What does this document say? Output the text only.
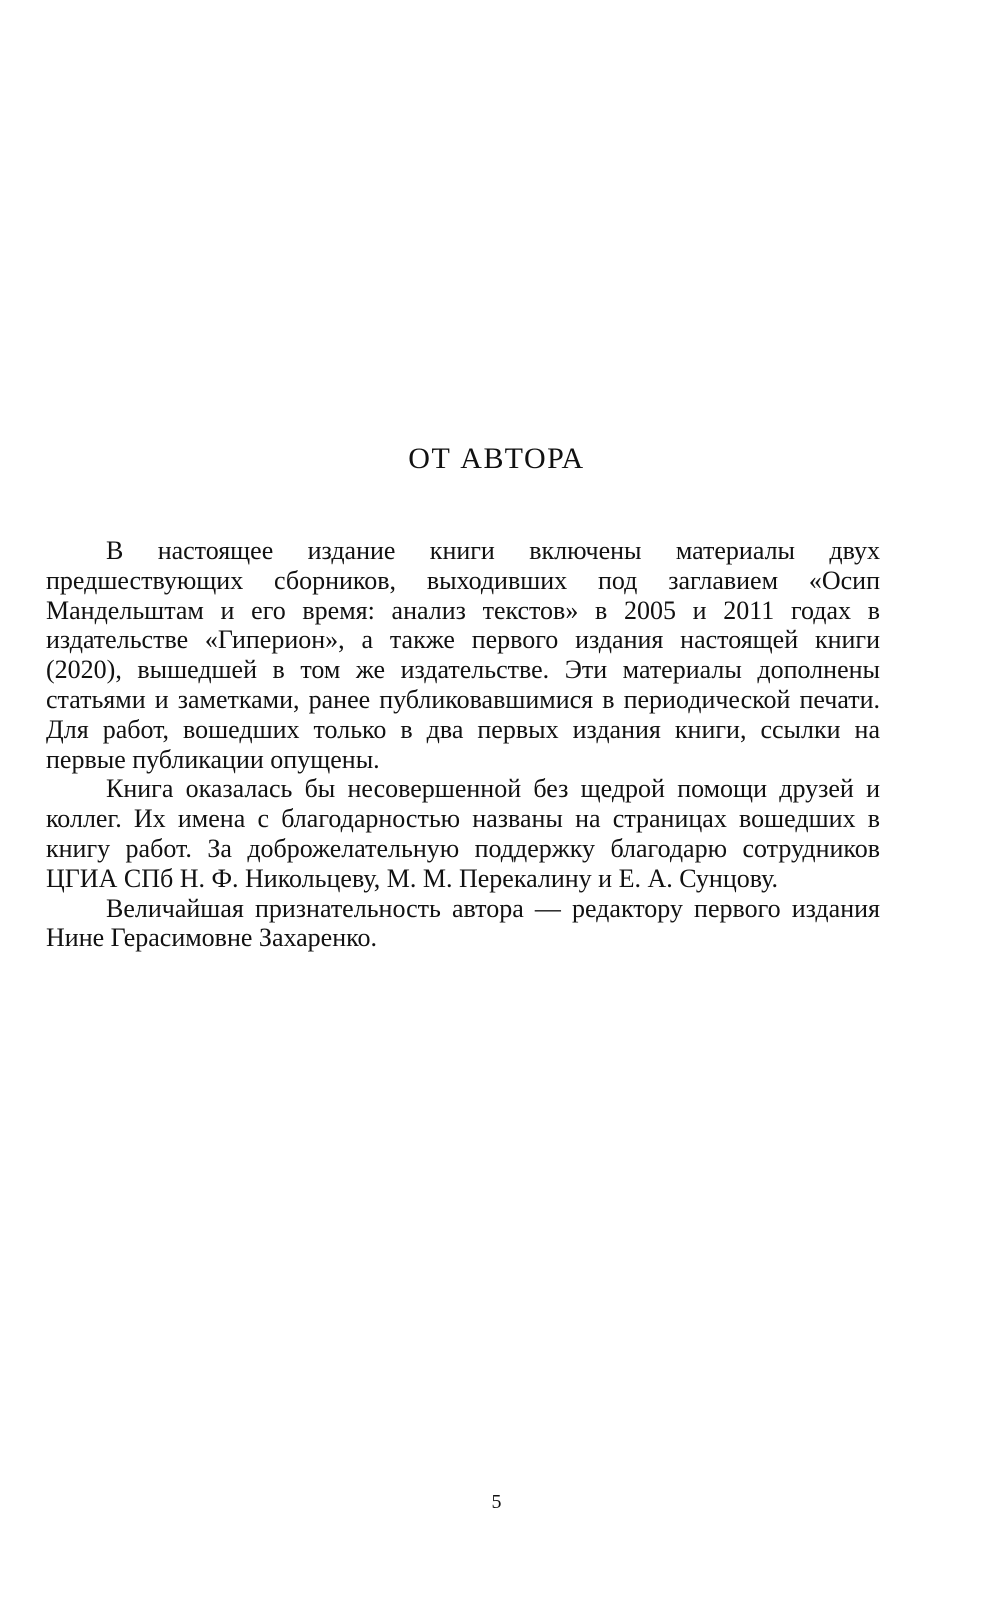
ОТ АВТОРА

В настоящее издание книги включены материалы двух предшествующих сборников, выходивших под заглавием «Осип Мандельштам и его время: анализ текстов» в 2005 и 2011 годах в издательстве «Гиперион», а также первого издания настоящей книги (2020), вышедшей в том же издательстве. Эти материалы дополнены статьями и заметками, ранее публиковавшимися в периодической печати. Для работ, вошедших только в два первых издания книги, ссылки на первые публикации опущены.

Книга оказалась бы несовершенной без щедрой помощи друзей и коллег. Их имена с благодарностью названы на страницах вошедших в книгу работ. За доброжелательную поддержку благодарю сотрудников ЦГИА СПб Н. Ф. Никольцеву, М. М. Перекалину и Е. А. Сунцову.

Величайшая признательность автора — редактору первого издания Нине Герасимовне Захаренко.

5
